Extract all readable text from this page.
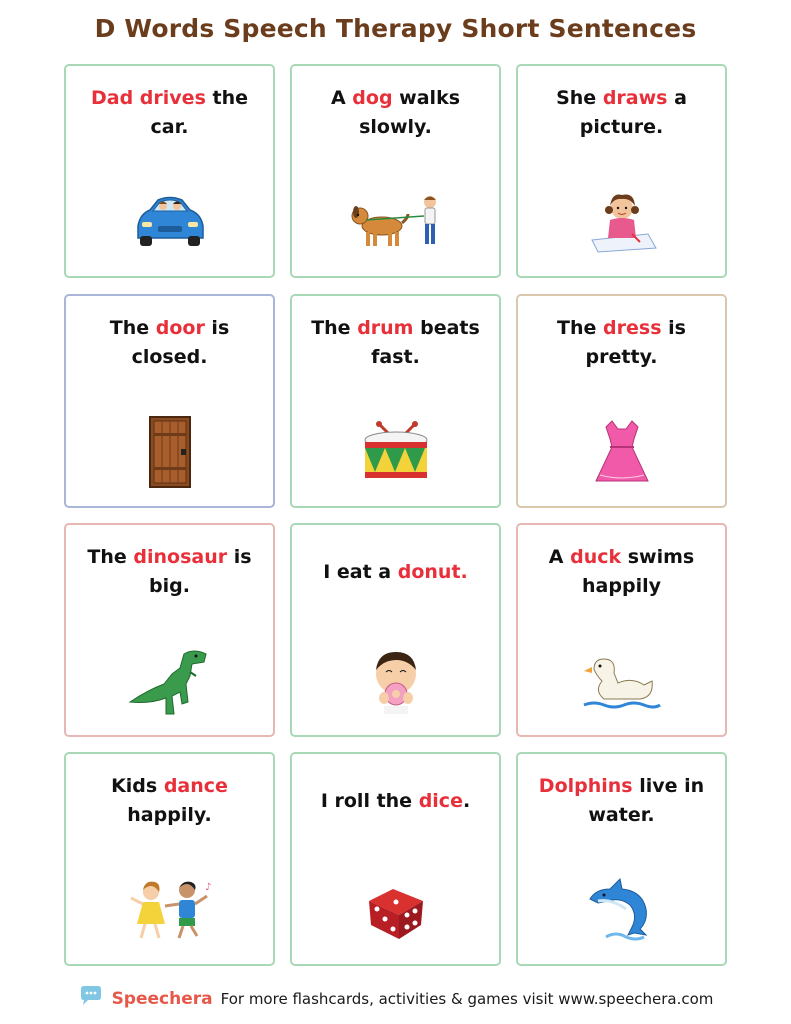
D Words Speech Therapy Short Sentences
Dad drives the car.
A dog walks slowly.
She draws a picture.
The door is closed.
The drum beats fast.
The dress is pretty.
The dinosaur is big.
I eat a donut.
A duck swims happily
Kids dance happily.
♪
I roll the dice.
Dolphins live in water.
Speechera For more flashcards, activities & games visit www.speechera.com
